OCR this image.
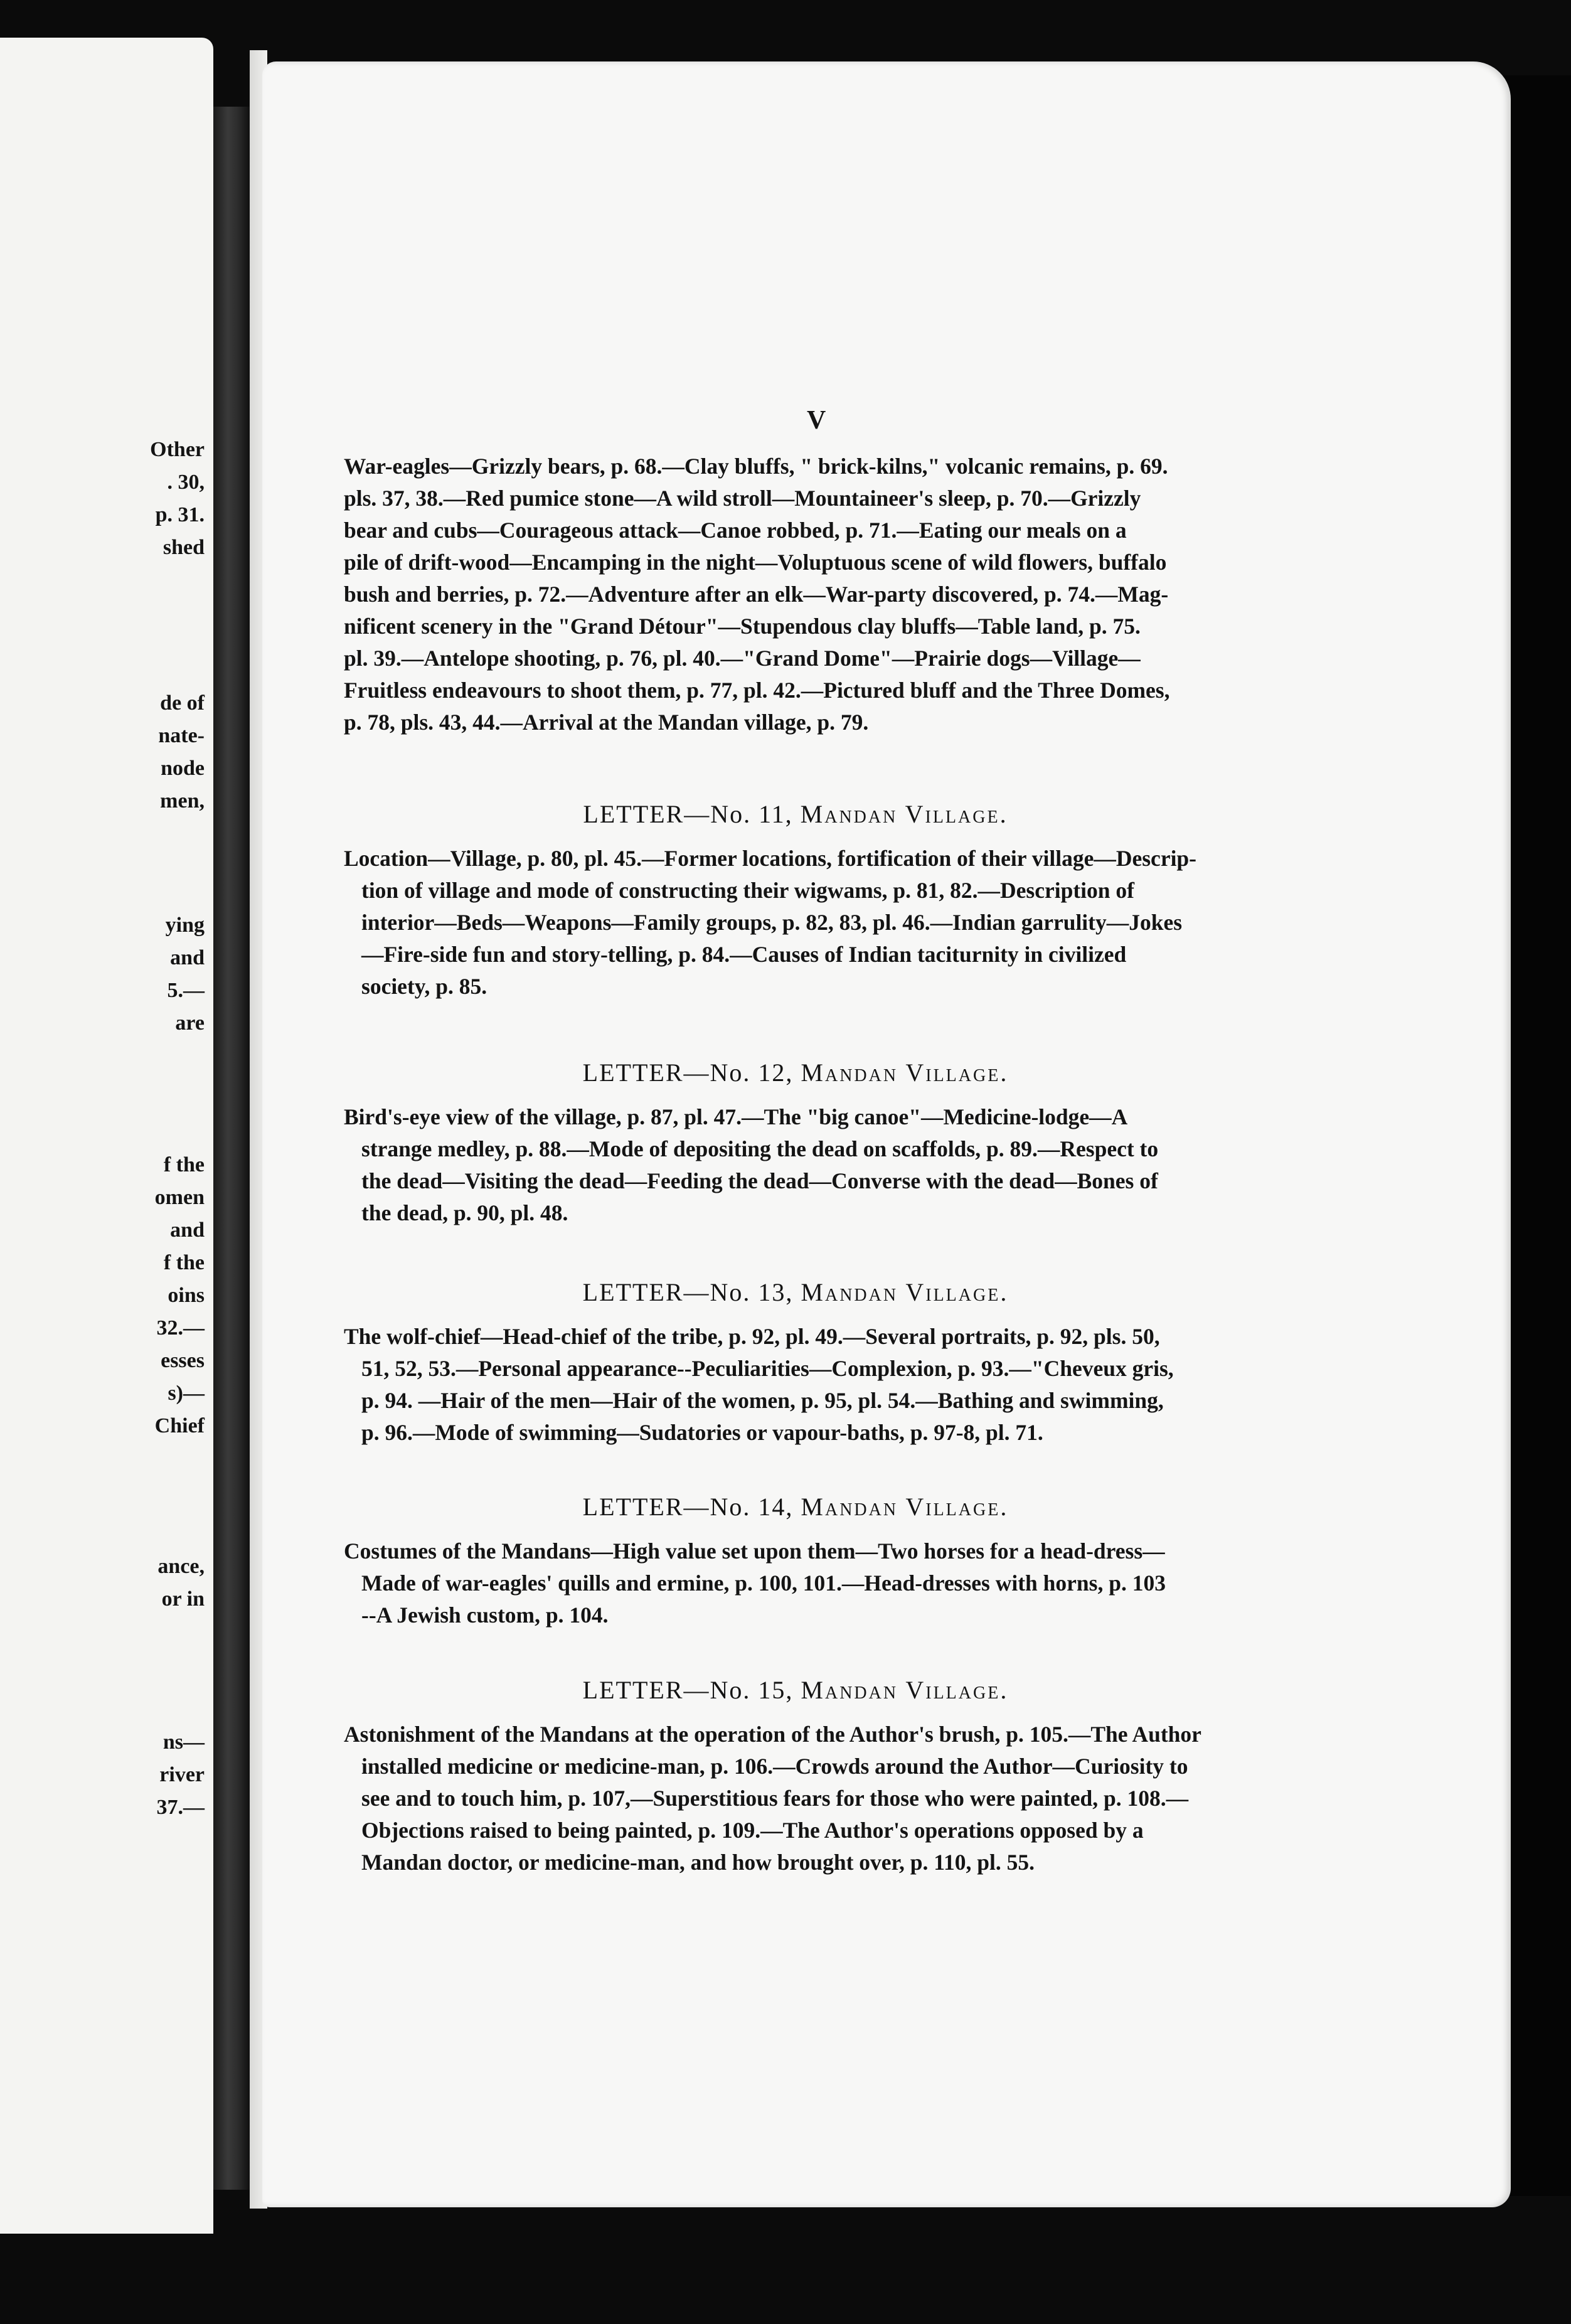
Other
. 30,
p. 31.
shed
de of
nate-
node
men,
ying
and
5.—
are
f the
omen
and
f the
oins
32.—
esses
s)—
Chief
ance,
or in
ns—
river
37.—
V

War-eagles—Grizzly bears, p. 68.—Clay bluffs, " brick-kilns," volcanic remains, p. 69.
pls. 37, 38.—Red pumice stone—A wild stroll—Mountaineer's sleep, p. 70.—Grizzly
bear and cubs—Courageous attack—Canoe robbed, p. 71.—Eating our meals on a
pile of drift-wood—Encamping in the night—Voluptuous scene of wild flowers, buffalo
bush and berries, p. 72.—Adventure after an elk—War-party discovered, p. 74.—Mag-
nificent scenery in the "Grand Détour"—Stupendous clay bluffs—Table land, p. 75.
pl. 39.—Antelope shooting, p. 76, pl. 40.—"Grand Dome"—Prairie dogs—Village—
Fruitless endeavours to shoot them, p. 77, pl. 42.—Pictured bluff and the Three Domes,
p. 78, pls. 43, 44.—Arrival at the Mandan village, p. 79.

LETTER—No. 11, Mandan Village.

Location—Village, p. 80, pl. 45.—Former locations, fortification of their village—Descrip-
tion of village and mode of constructing their wigwams, p. 81, 82.—Description of
interior—Beds—Weapons—Family groups, p. 82, 83, pl. 46.—Indian garrulity—Jokes
—Fire-side fun and story-telling, p. 84.—Causes of Indian taciturnity in civilized
society, p. 85.

LETTER—No. 12, Mandan Village.

Bird's-eye view of the village, p. 87, pl. 47.—The "big canoe"—Medicine-lodge—A
strange medley, p. 88.—Mode of depositing the dead on scaffolds, p. 89.—Respect to
the dead—Visiting the dead—Feeding the dead—Converse with the dead—Bones of
the dead, p. 90, pl. 48.

LETTER—No. 13, Mandan Village.

The wolf-chief—Head-chief of the tribe, p. 92, pl. 49.—Several portraits, p. 92, pls. 50,
51, 52, 53.—Personal appearance--Peculiarities—Complexion, p. 93.—"Cheveux gris,
p. 94. —Hair of the men—Hair of the women, p. 95, pl. 54.—Bathing and swimming,
p. 96.—Mode of swimming—Sudatories or vapour-baths, p. 97-8, pl. 71.

LETTER—No. 14, Mandan Village.

Costumes of the Mandans—High value set upon them—Two horses for a head-dress—
Made of war-eagles' quills and ermine, p. 100, 101.—Head-dresses with horns, p. 103
--A Jewish custom, p. 104.

LETTER—No. 15, Mandan Village.

Astonishment of the Mandans at the operation of the Author's brush, p. 105.—The Author
installed medicine or medicine-man, p. 106.—Crowds around the Author—Curiosity to
see and to touch him, p. 107,—Superstitious fears for those who were painted, p. 108.—
Objections raised to being painted, p. 109.—The Author's operations opposed by a
Mandan doctor, or medicine-man, and how brought over, p. 110, pl. 55.
